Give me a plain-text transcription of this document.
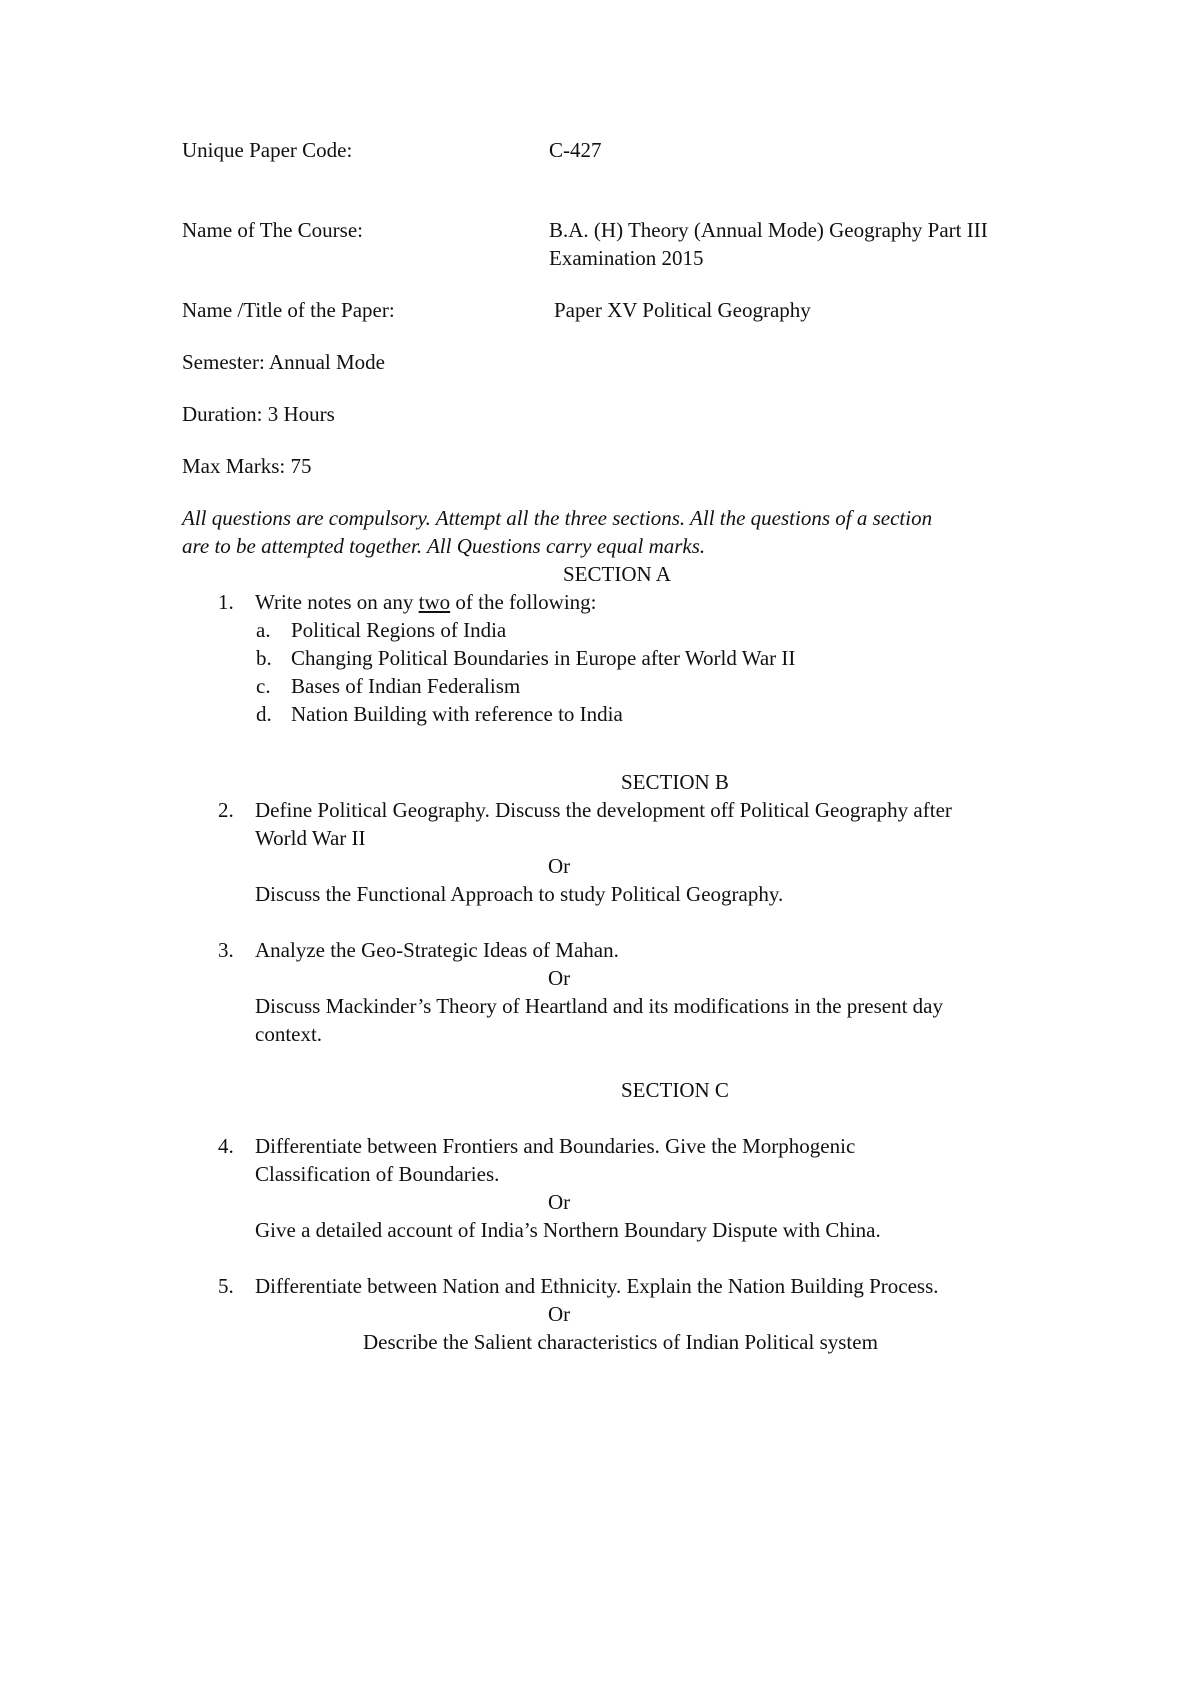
Unique Paper Code:	C-427
Name of The Course:	B.A. (H) Theory (Annual Mode) Geography Part III
Examination 2015
Name /Title of the Paper:	Paper XV Political Geography
Semester: Annual Mode
Duration: 3 Hours
Max Marks: 75

All questions are compulsory. Attempt all the three sections. All the questions of a section

are to be attempted together. All Questions carry equal marks.

SECTION A
1. Write notes on any two of the following:
a. Political Regions of India
b. Changing Political Boundaries in Europe after World War II
c. Bases of Indian Federalism
d. Nation Building with reference to India
SECTION B
2. Define Political Geography. Discuss the development off Political Geography after
World War II
Or
Discuss the Functional Approach to study Political Geography.
3. Analyze the Geo-Strategic Ideas of Mahan.
Or
Discuss Mackinder’s Theory of Heartland and its modifications in the present day
context.
SECTION C
4. Differentiate between Frontiers and Boundaries. Give the Morphogenic
Classification of Boundaries.
Or
Give a detailed account of India’s Northern Boundary Dispute with China.
5. Differentiate between Nation and Ethnicity. Explain the Nation Building Process.
Or
Describe the Salient characteristics of Indian Political system
